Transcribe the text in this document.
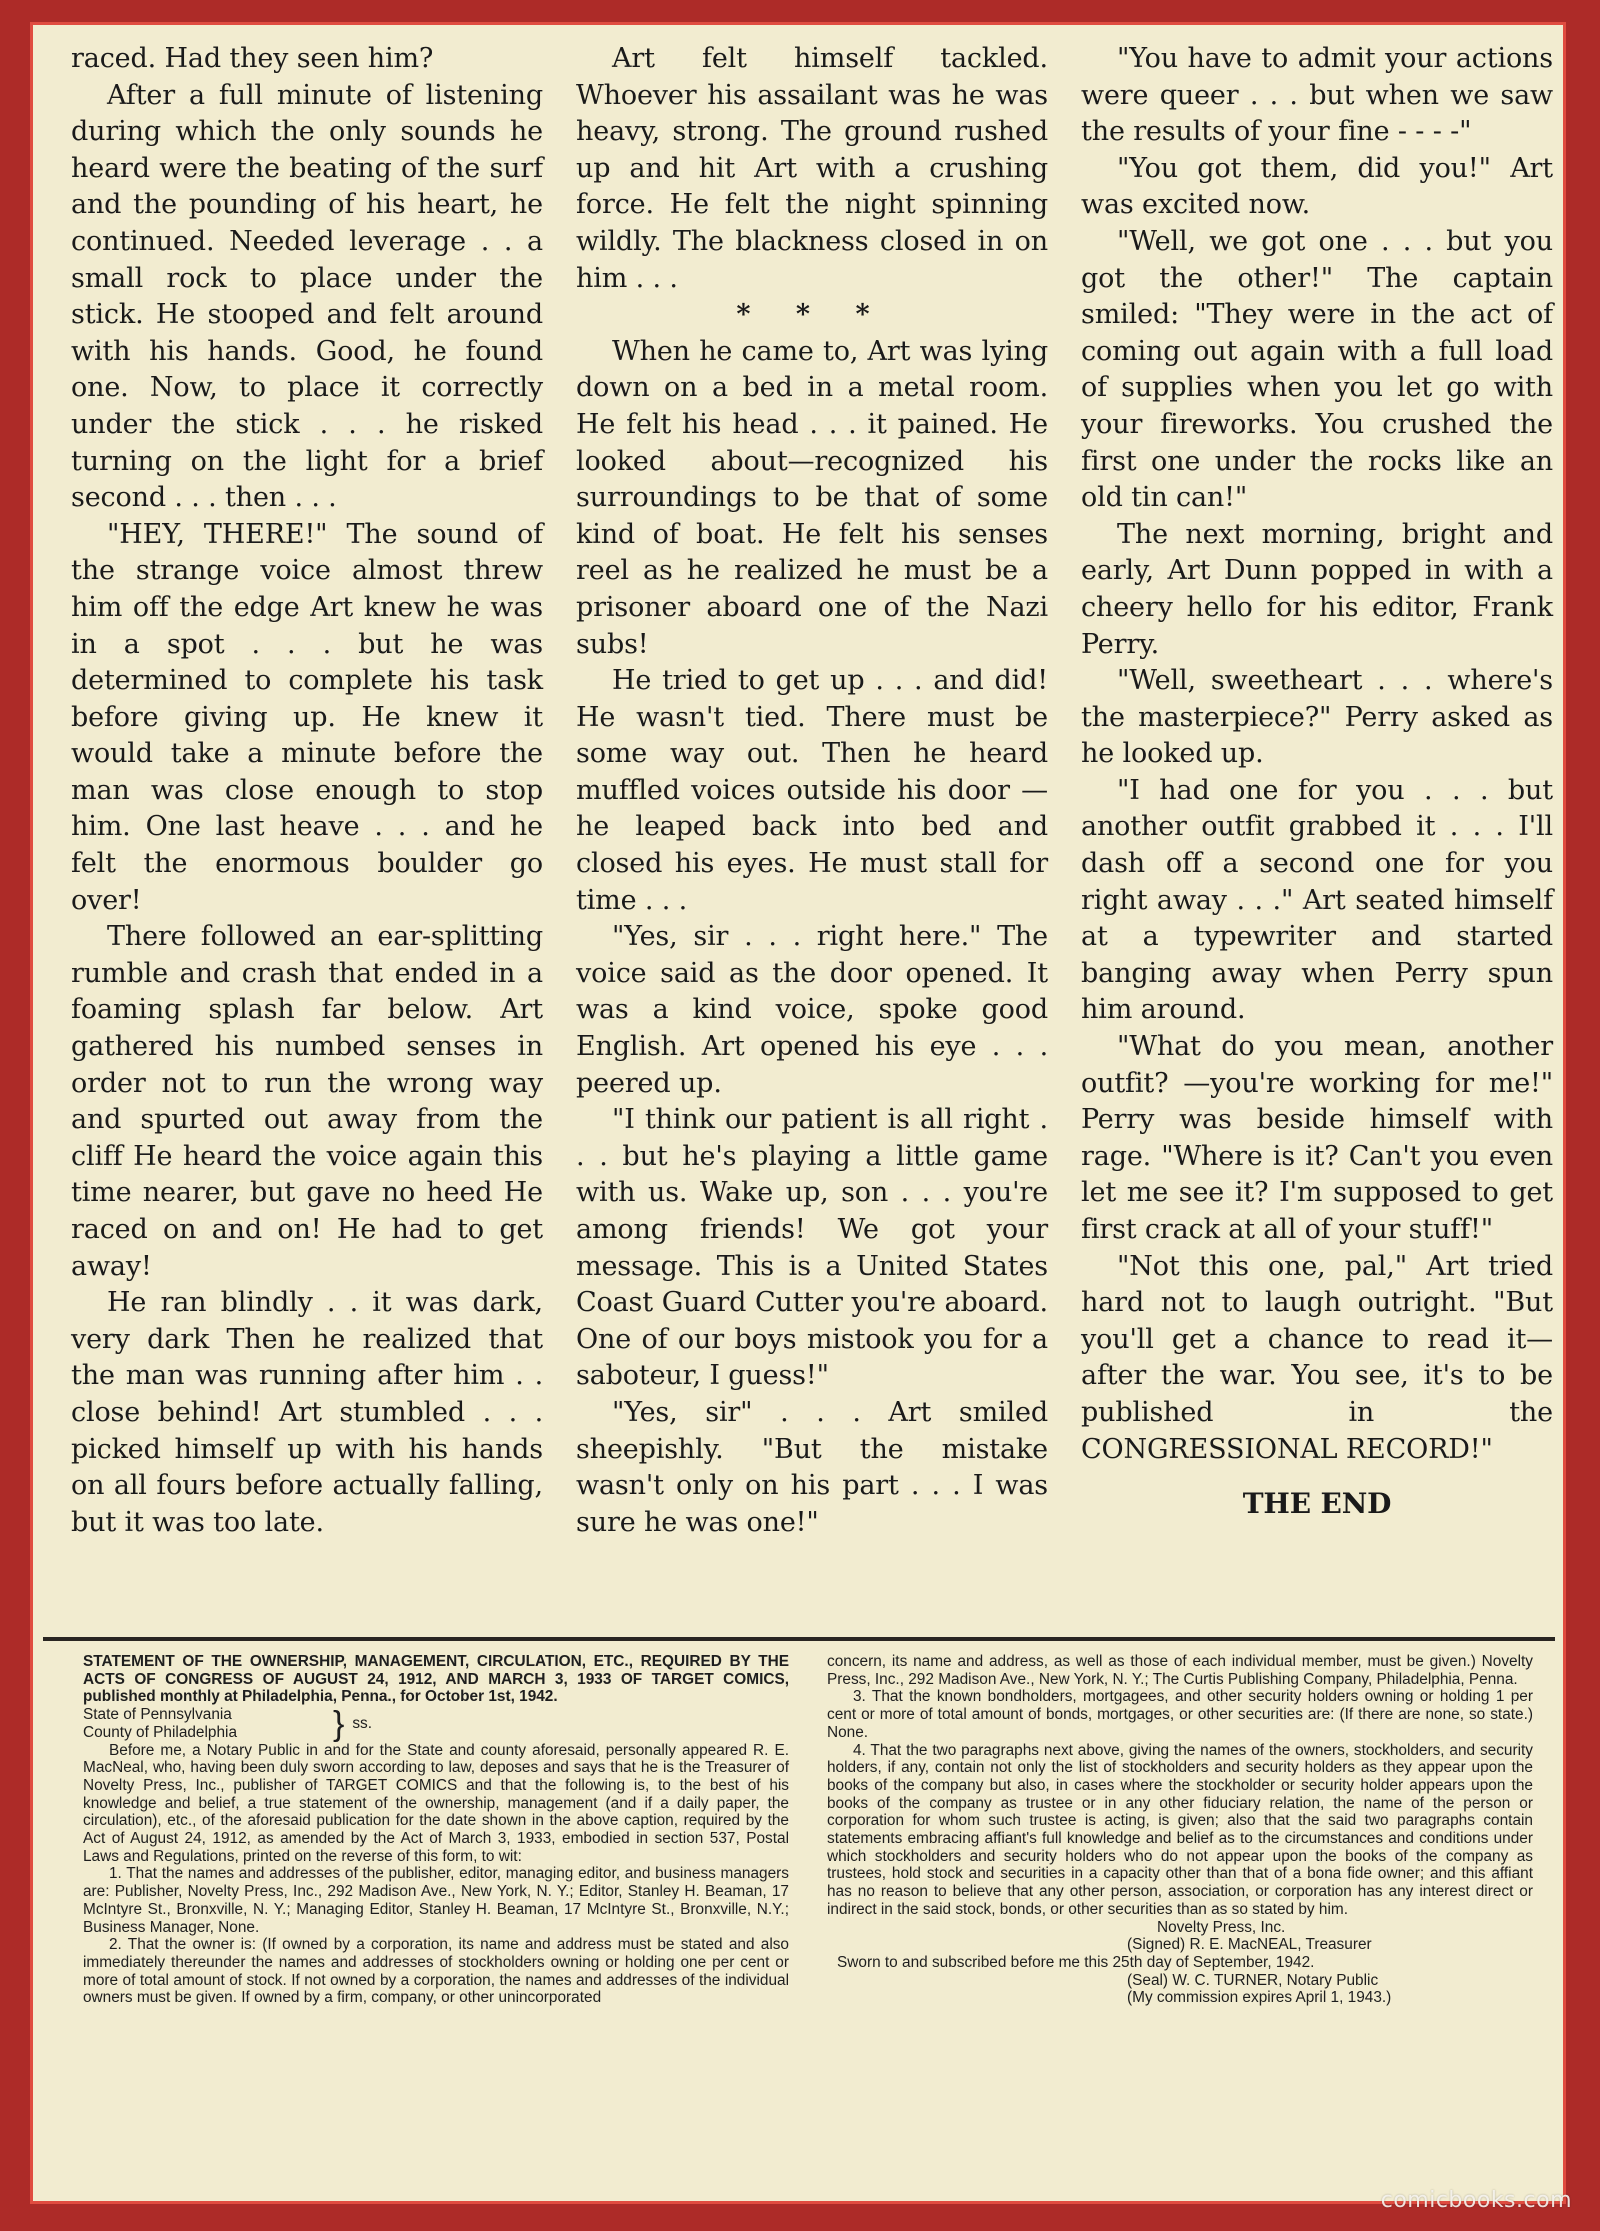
raced. Had they seen him?

After a full minute of listening during which the only sounds he heard were the beating of the surf and the pounding of his heart, he continued. Needed leverage . . a small rock to place under the stick. He stooped and felt around with his hands. Good, he found one. Now, to place it correctly under the stick . . . he risked turning on the light for a brief second . . . then . . .

"HEY, THERE!" The sound of the strange voice almost threw him off the edge Art knew he was in a spot . . . but he was determined to complete his task before giving up. He knew it would take a minute before the man was close enough to stop him. One last heave . . . and he felt the enormous boulder go over!

There followed an ear-splitting rumble and crash that ended in a foaming splash far below. Art gathered his numbed senses in order not to run the wrong way and spurted out away from the cliff He heard the voice again this time nearer, but gave no heed He raced on and on! He had to get away!

He ran blindly . . it was dark, very dark Then he realized that the man was running after him . . close behind! Art stumbled . . . picked himself up with his hands on all fours before actually falling, but it was too late.

Art felt himself tackled. Whoever his assailant was he was heavy, strong. The ground rushed up and hit Art with a crushing force. He felt the night spinning wildly. The blackness closed in on him . . .

* * *

When he came to, Art was lying down on a bed in a metal room. He felt his head . . . it pained. He looked about—recognized his surroundings to be that of some kind of boat. He felt his senses reel as he realized he must be a prisoner aboard one of the Nazi subs!

He tried to get up . . . and did! He wasn't tied. There must be some way out. Then he heard muffled voices outside his door —he leaped back into bed and closed his eyes. He must stall for time . . .

"Yes, sir . . . right here." The voice said as the door opened. It was a kind voice, spoke good English. Art opened his eye . . . peered up.

"I think our patient is all right . . . but he's playing a little game with us. Wake up, son . . . you're among friends! We got your message. This is a United States Coast Guard Cutter you're aboard. One of our boys mistook you for a saboteur, I guess!"

"Yes, sir" . . . Art smiled sheepishly. "But the mistake wasn't only on his part . . . I was sure he was one!"

"You have to admit your actions were queer . . . but when we saw the results of your fine - - - -"

"You got them, did you!" Art was excited now.

"Well, we got one . . . but you got the other!" The captain smiled: "They were in the act of coming out again with a full load of supplies when you let go with your fireworks. You crushed the first one under the rocks like an old tin can!"

The next morning, bright and early, Art Dunn popped in with a cheery hello for his editor, Frank Perry.

"Well, sweetheart . . . where's the masterpiece?" Perry asked as he looked up.

"I had one for you . . . but another outfit grabbed it . . . I'll dash off a second one for you right away . . ." Art seated himself at a typewriter and started banging away when Perry spun him around.

"What do you mean, another outfit? —you're working for me!" Perry was beside himself with rage. "Where is it? Can't you even let me see it? I'm supposed to get first crack at all of your stuff!"

"Not this one, pal," Art tried hard not to laugh outright. "But you'll get a chance to read it—after the war. You see, it's to be published in the CONGRESSIONAL RECORD!"

THE END

STATEMENT OF THE OWNERSHIP, MANAGEMENT, CIRCULATION, ETC., REQUIRED BY THE ACTS OF CONGRESS OF AUGUST 24, 1912, AND MARCH 3, 1933 OF TARGET COMICS, published monthly at Philadelphia, Penna., for October 1st, 1942.

State of Pennsylvania

County of Philadelphia	} ss.

Before me, a Notary Public in and for the State and county aforesaid, personally appeared R. E. MacNeal, who, having been duly sworn according to law, deposes and says that he is the Treasurer of Novelty Press, Inc., publisher of TARGET COMICS and that the following is, to the best of his knowledge and belief, a true statement of the ownership, management (and if a daily paper, the circulation), etc., of the aforesaid publication for the date shown in the above caption, required by the Act of August 24, 1912, as amended by the Act of March 3, 1933, embodied in section 537, Postal Laws and Regulations, printed on the reverse of this form, to wit:

1. That the names and addresses of the publisher, editor, managing editor, and business managers are: Publisher, Novelty Press, Inc., 292 Madison Ave., New York, N. Y.; Editor, Stanley H. Beaman, 17 McIntyre St., Bronxville, N. Y.; Managing Editor, Stanley H. Beaman, 17 McIntyre St., Bronxville, N.Y.; Business Manager, None.

2. That the owner is: (If owned by a corporation, its name and address must be stated and also immediately thereunder the names and addresses of stockholders owning or holding one per cent or more of total amount of stock. If not owned by a corporation, the names and addresses of the individual owners must be given. If owned by a firm, company, or other unincorporated

concern, its name and address, as well as those of each individual member, must be given.) Novelty Press, Inc., 292 Madison Ave., New York, N. Y.; The Curtis Publishing Company, Philadelphia, Penna.

3. That the known bondholders, mortgagees, and other security holders owning or holding 1 per cent or more of total amount of bonds, mortgages, or other securities are: (If there are none, so state.) None.

4. That the two paragraphs next above, giving the names of the owners, stockholders, and security holders, if any, contain not only the list of stockholders and security holders as they appear upon the books of the company but also, in cases where the stockholder or security holder appears upon the books of the company as trustee or in any other fiduciary relation, the name of the person or corporation for whom such trustee is acting, is given; also that the said two paragraphs contain statements embracing affiant's full knowledge and belief as to the circumstances and conditions under which stockholders and security holders who do not appear upon the books of the company as trustees, hold stock and securities in a capacity other than that of a bona fide owner; and this affiant has no reason to believe that any other person, association, or corporation has any interest direct or indirect in the said stock, bonds, or other securities than as so stated by him.

Novelty Press, Inc.

(Signed) R. E. MacNEAL, Treasurer

Sworn to and subscribed before me this 25th day of September, 1942.

(Seal) W. C. TURNER, Notary Public

(My commission expires April 1, 1943.)

comicbooks.com
